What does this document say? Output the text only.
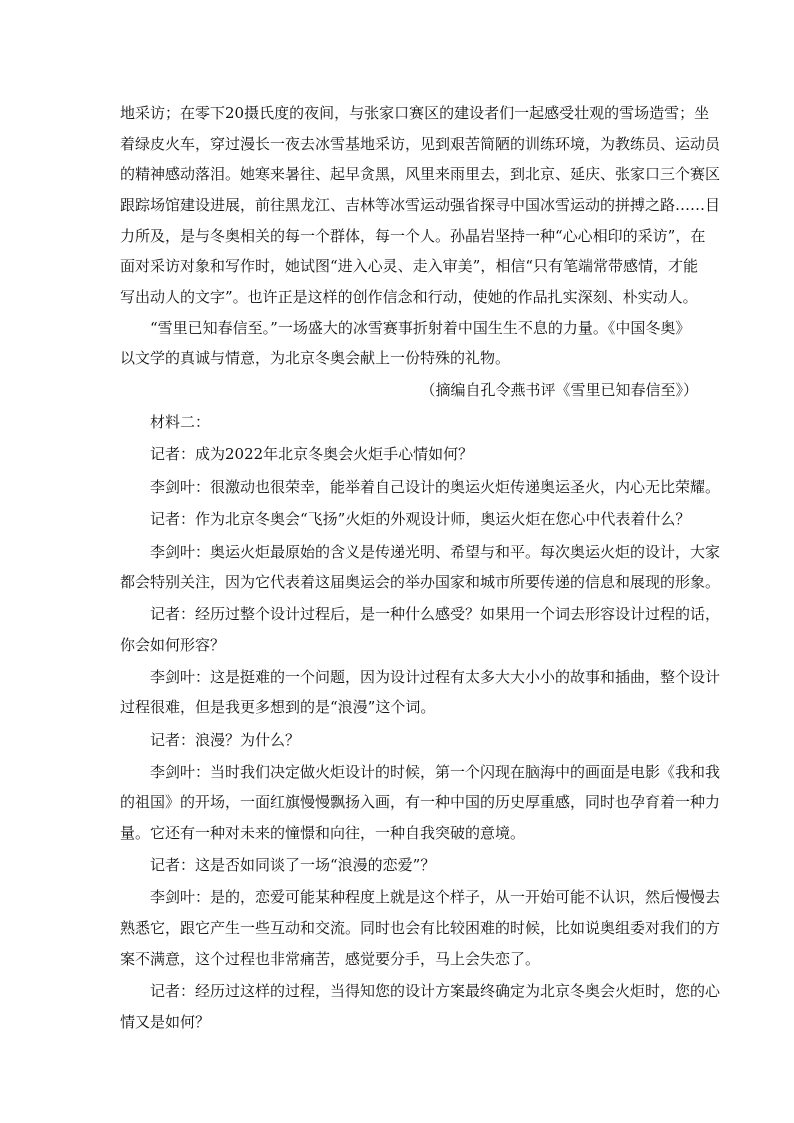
地采访；在零下20摄氏度的夜间，与张家口赛区的建设者们一起感受壮观的雪场造雪；坐
着绿皮火车，穿过漫长一夜去冰雪基地采访，见到艰苦简陋的训练环境，为教练员、运动员
的精神感动落泪。她寒来暑往、起早贪黑，风里来雨里去，到北京、延庆、张家口三个赛区
跟踪场馆建设进展，前往黑龙江、吉林等冰雪运动强省探寻中国冰雪运动的拼搏之路……目
力所及，是与冬奥相关的每一个群体，每一个人。孙晶岩坚持一种“心心相印的采访”，在
面对采访对象和写作时，她试图“进入心灵、走入审美”，相信“只有笔端常带感情，才能
写出动人的文字”。也许正是这样的创作信念和行动，使她的作品扎实深刻、朴实动人。
“雪里已知春信至。”一场盛大的冰雪赛事折射着中国生生不息的力量。《中国冬奥》
以文学的真诚与情意，为北京冬奥会献上一份特殊的礼物。
（摘编自孔令燕书评《雪里已知春信至》）
材料二：
记者：成为2022年北京冬奥会火炬手心情如何？
李剑叶：很激动也很荣幸，能举着自己设计的奥运火炬传递奥运圣火，内心无比荣耀。
记者：作为北京冬奥会“飞扬”火炬的外观设计师，奥运火炬在您心中代表着什么？
李剑叶：奥运火炬最原始的含义是传递光明、希望与和平。每次奥运火炬的设计，大家
都会特别关注，因为它代表着这届奥运会的举办国家和城市所要传递的信息和展现的形象。
记者：经历过整个设计过程后，是一种什么感受？如果用一个词去形容设计过程的话，
你会如何形容？
李剑叶：这是挺难的一个问题，因为设计过程有太多大大小小的故事和插曲，整个设计
过程很难，但是我更多想到的是“浪漫”这个词。
记者：浪漫？为什么？
李剑叶：当时我们决定做火炬设计的时候，第一个闪现在脑海中的画面是电影《我和我
的祖国》的开场，一面红旗慢慢飘扬入画，有一种中国的历史厚重感，同时也孕育着一种力
量。它还有一种对未来的憧憬和向往，一种自我突破的意境。
记者：这是否如同谈了一场“浪漫的恋爱”？
李剑叶：是的，恋爱可能某种程度上就是这个样子，从一开始可能不认识，然后慢慢去
熟悉它，跟它产生一些互动和交流。同时也会有比较困难的时候，比如说奥组委对我们的方
案不满意，这个过程也非常痛苦，感觉要分手，马上会失恋了。
记者：经历过这样的过程，当得知您的设计方案最终确定为北京冬奥会火炬时，您的心
情又是如何？
